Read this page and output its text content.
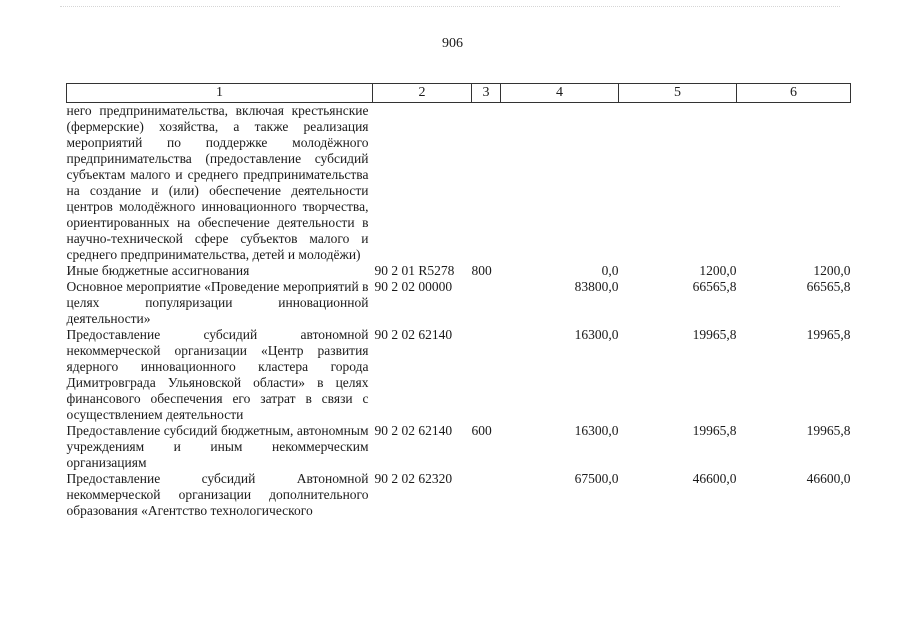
906
1	2	3	4	5	6
него предпринимательства, включая крестьянские (фермерские) хозяйства, а также реализация мероприятий по поддержке молодёжного предпринимательства (предоставление субсидий субъектам малого и среднего предпринимательства на создание и (или) обеспечение деятельности центров молодёжного инновационного творчества, ориентированных на обеспечение деятельности в научно-технической сфере субъектов малого и среднего предпринимательства, детей и молодёжи)					
Иные бюджетные ассигнования	90 2 01 R5278	800	0,0	1200,0	1200,0
Основное мероприятие «Проведение мероприятий в целях популяризации инновационной деятельности»	90 2 02 00000		83800,0	66565,8	66565,8
Предоставление субсидий автономной некоммерческой организации «Центр развития ядерного инновационного кластера города Димитровграда Ульяновской области» в целях финансового обеспечения его затрат в связи с осуществлением деятельности	90 2 02 62140		16300,0	19965,8	19965,8
Предоставление субсидий бюджетным, автономным учреждениям и иным некоммерческим организациям	90 2 02 62140	600	16300,0	19965,8	19965,8
Предоставление субсидий Автономной некоммерческой организации дополнительного образования «Агентство технологического	90 2 02 62320		67500,0	46600,0	46600,0
